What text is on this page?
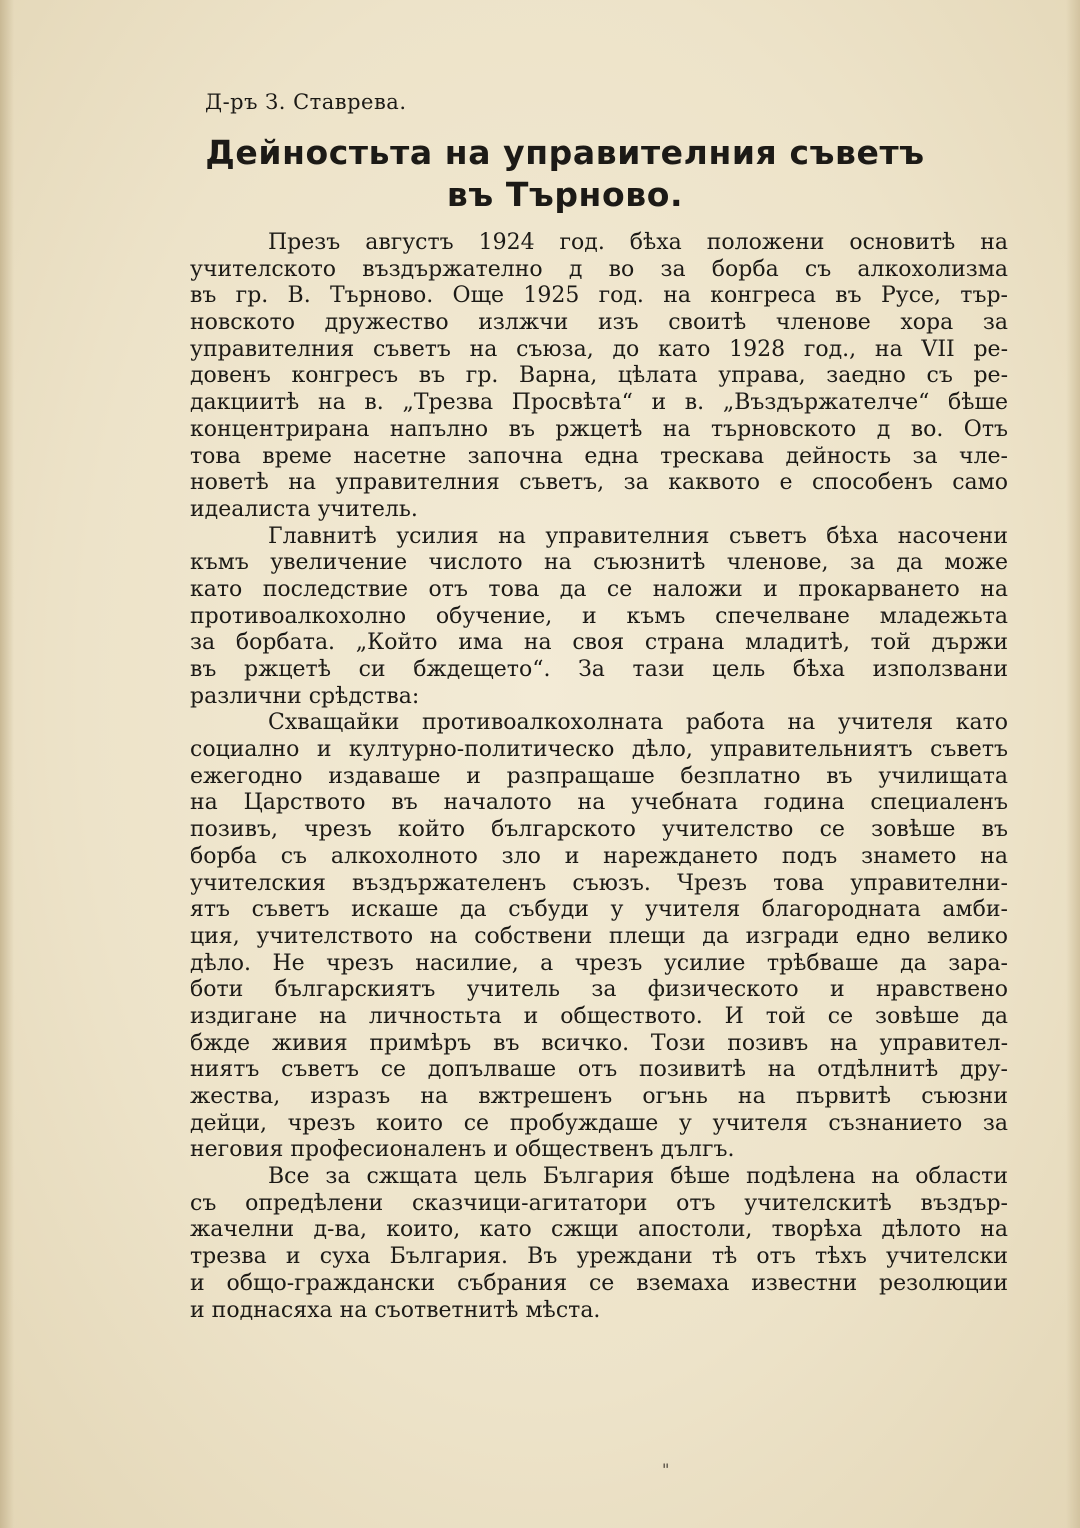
Д-ръ З. Ставрева.
Дейностьта на управителния съветъ
въ Търново.
Презъ августъ 1924 год. бѣха положени основитѣ на
учителското въздържателно д во за борба съ алкохолизма
въ гр. В. Търново. Още 1925 год. на конгреса въ Русе, тър-
новското дружество излжчи изъ своитѣ членове хора за
управителния съветъ на съюза, до като 1928 год., на VII ре-
довенъ конгресъ въ гр. Варна, цѣлата управа, заедно съ ре-
дакциитѣ на в. „Трезва Просвѣта“ и в. „Въздържателче“ бѣше
концентрирана напълно въ ржцетѣ на търновското д во. Отъ
това време насетне започна една трескава дейность за чле-
новетѣ на управителния съветъ, за каквото е способенъ само
идеалиста учитель.
Главнитѣ усилия на управителния съветъ бѣха насочени
къмъ увеличение числото на съюзнитѣ членове, за да може
като последствие отъ това да се наложи и прокарването на
противоалкохолно обучение, и къмъ спечелване младежьта
за борбата. „Който има на своя страна младитѣ, той държи
въ ржцетѣ си бждещето“. За тази цель бѣха използвани
различни срѣдства:
Схващайки противоалкохолната работа на учителя като
социално и културно-политическо дѣло, управительниятъ съветъ
ежегодно издаваше и разпращаше безплатно въ училищата
на Царството въ началото на учебната година специаленъ
позивъ, чрезъ който българското учителство се зовѣше въ
борба съ алкохолното зло и нареждането подъ знамето на
учителския въздържателенъ съюзъ. Чрезъ това управителни-
ятъ съветъ искаше да събуди у учителя благородната амби-
ция, учителството на собствени плещи да изгради едно велико
дѣло. Не чрезъ насилие, а чрезъ усилие трѣбваше да зара-
боти българскиятъ учитель за физическото и нравствено
издигане на личностьта и обществото. И той се зовѣше да
бжде живия примѣръ въ всичко. Този позивъ на управител-
ниятъ съветъ се допълваше отъ позивитѣ на отдѣлнитѣ дру-
жества, изразъ на вжтрешенъ огънь на първитѣ съюзни
дейци, чрезъ които се пробуждаше у учителя съзнанието за
неговия професионаленъ и общественъ дългъ.
Все за сжщата цель България бѣше подѣлена на области
съ опредѣлени сказчици-агитатори отъ учителскитѣ въздър-
жачелни д-ва, които, като сжщи апостоли, творѣха дѣлото на
трезва и суха България. Въ уреждани тѣ отъ тѣхъ учителски
и общо-граждански събрания се вземаха известни резолюции
и поднасяха на съответнитѣ мѣста.
"
